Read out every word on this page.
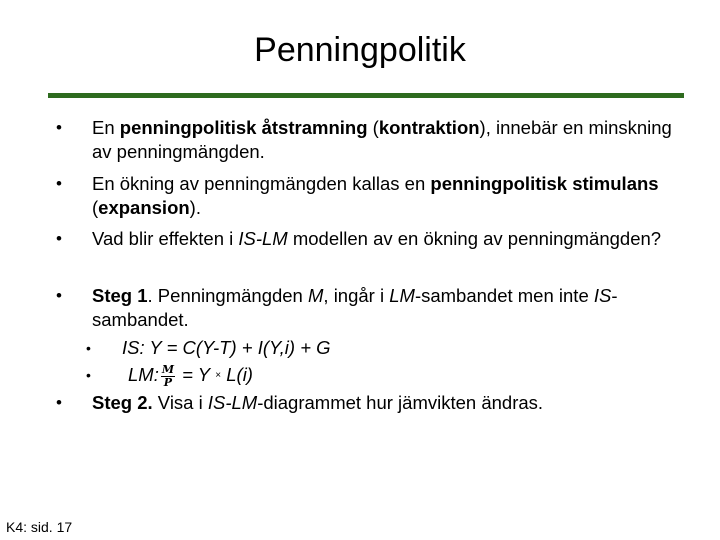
Penningpolitik
• En penningpolitisk åtstramning (kontraktion), innebär en minskning av penningmängden.
• En ökning av penningmängden kallas en penningpolitisk stimulans (expansion).
• Vad blir effekten i IS-LM modellen av en ökning av penningmängden?
• Steg 1. Penningmängden M, ingår i LM-sambandet men inte IS-sambandet.
• IS: Y = C(Y-T) + I(Y,i) + G
• LM: $\frac{M}{P} = Y \times L(i)$
• Steg 2. Visa i IS-LM-diagrammet hur jämvikten ändras.
K4: sid. 17
